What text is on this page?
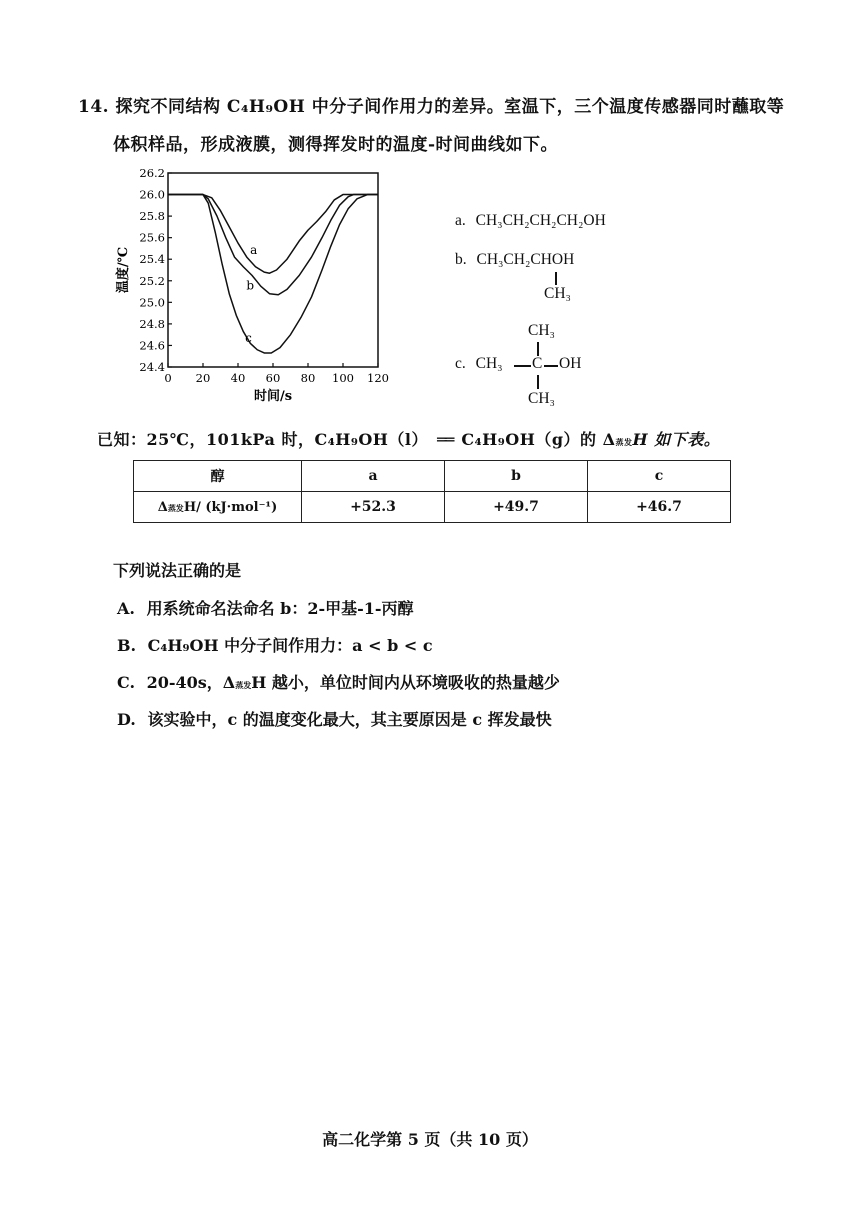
14. 探究不同结构 C₄H₉OH 中分子间作用力的差异。室温下，三个温度传感器同时蘸取等
体积样品，形成液膜，测得挥发时的温度-时间曲线如下。
24.4
24.6
24.8
25.0
25.2
25.4
25.6
25.8
26.0
26.2
0 20 40 60 80 100 120
a
b
c
时间/s
温度/℃
a. CH₃CH₂CH₂CH₂OH
b. CH₃CH₂CHOH
CH₃
CH₃
c. CH₃ C OH
CH₃
已知：25℃，101kPa 时，C₄H₉OH（l） ══ C₄H₉OH（g）的 Δ蒸发H 如下表。
醇	a	b	c
Δ蒸发H/ (kJ·mol⁻¹)	+52.3	+49.7	+46.7
下列说法正确的是
A. 用系统命名法命名 b：2-甲基-1-丙醇
B. C₄H₉OH 中分子间作用力：a < b < c
C. 20-40s，Δ蒸发H 越小，单位时间内从环境吸收的热量越少
D. 该实验中，c 的温度变化最大，其主要原因是 c 挥发最快
高二化学第 5 页（共 10 页）
